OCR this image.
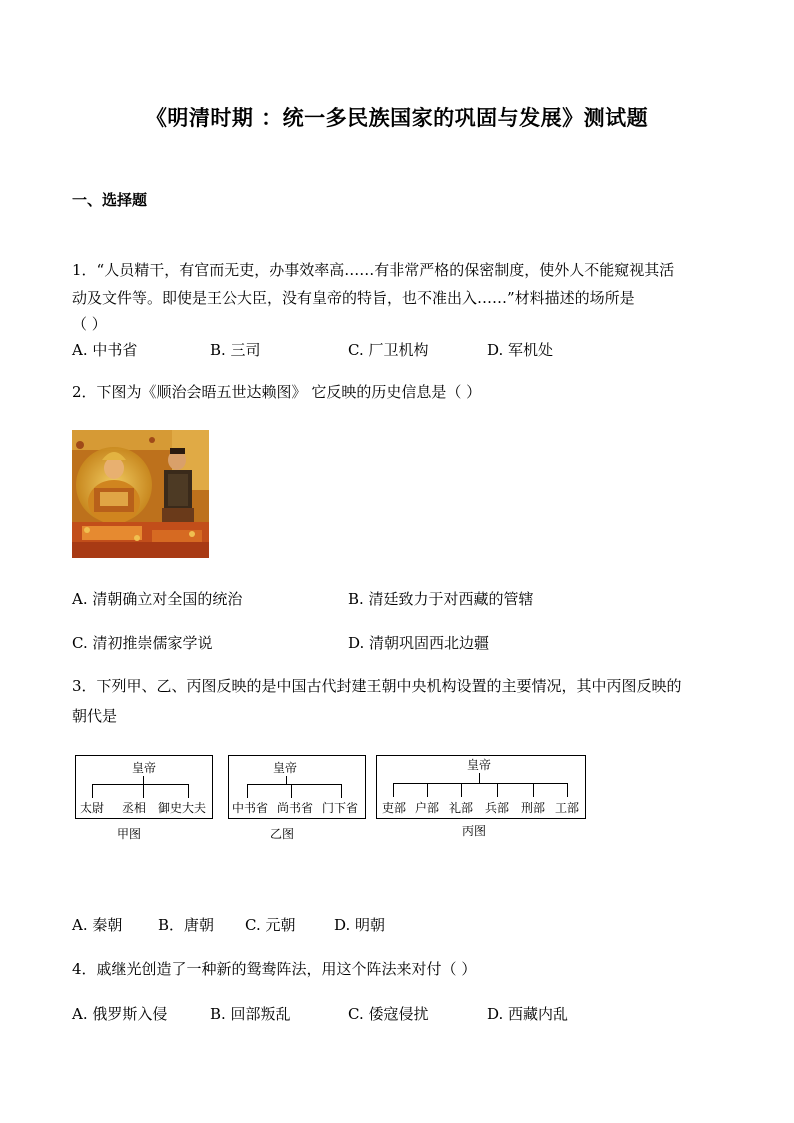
《明清时期 ：统一多民族国家的巩固与发展》测试题
一、选择题
1．“人员精干，有官而无吏，办事效率高……有非常严格的保密制度，使外人不能窥视其活
动及文件等。即使是王公大臣，没有皇帝的特旨，也不准出入……”材料描述的场所是
（ ）
A. 中书省	B. 三司	C. 厂卫机构	D. 军机处
2．下图为《顺治会晤五世达赖图》 它反映的历史信息是（ ）
A. 清朝确立对全国的统治	B. 清廷致力于对西藏的管辖
C. 清初推崇儒家学说	D. 清朝巩固西北边疆
3．下列甲、乙、丙图反映的是中国古代封建王朝中央机构设置的主要情况，其中丙图反映的
朝代是
皇帝
太尉 丞相 御史大夫
甲图
皇帝
中书省 尚书省 门下省
乙图
皇帝
吏部 户部 礼部 兵部 刑部 工部
丙图
A. 秦朝 B．唐朝 C. 元朝	D. 明朝
4．戚继光创造了一种新的鸳鸯阵法，用这个阵法来对付（ ）
A. 俄罗斯入侵	B. 回部叛乱	C. 倭寇侵扰	D. 西藏内乱
